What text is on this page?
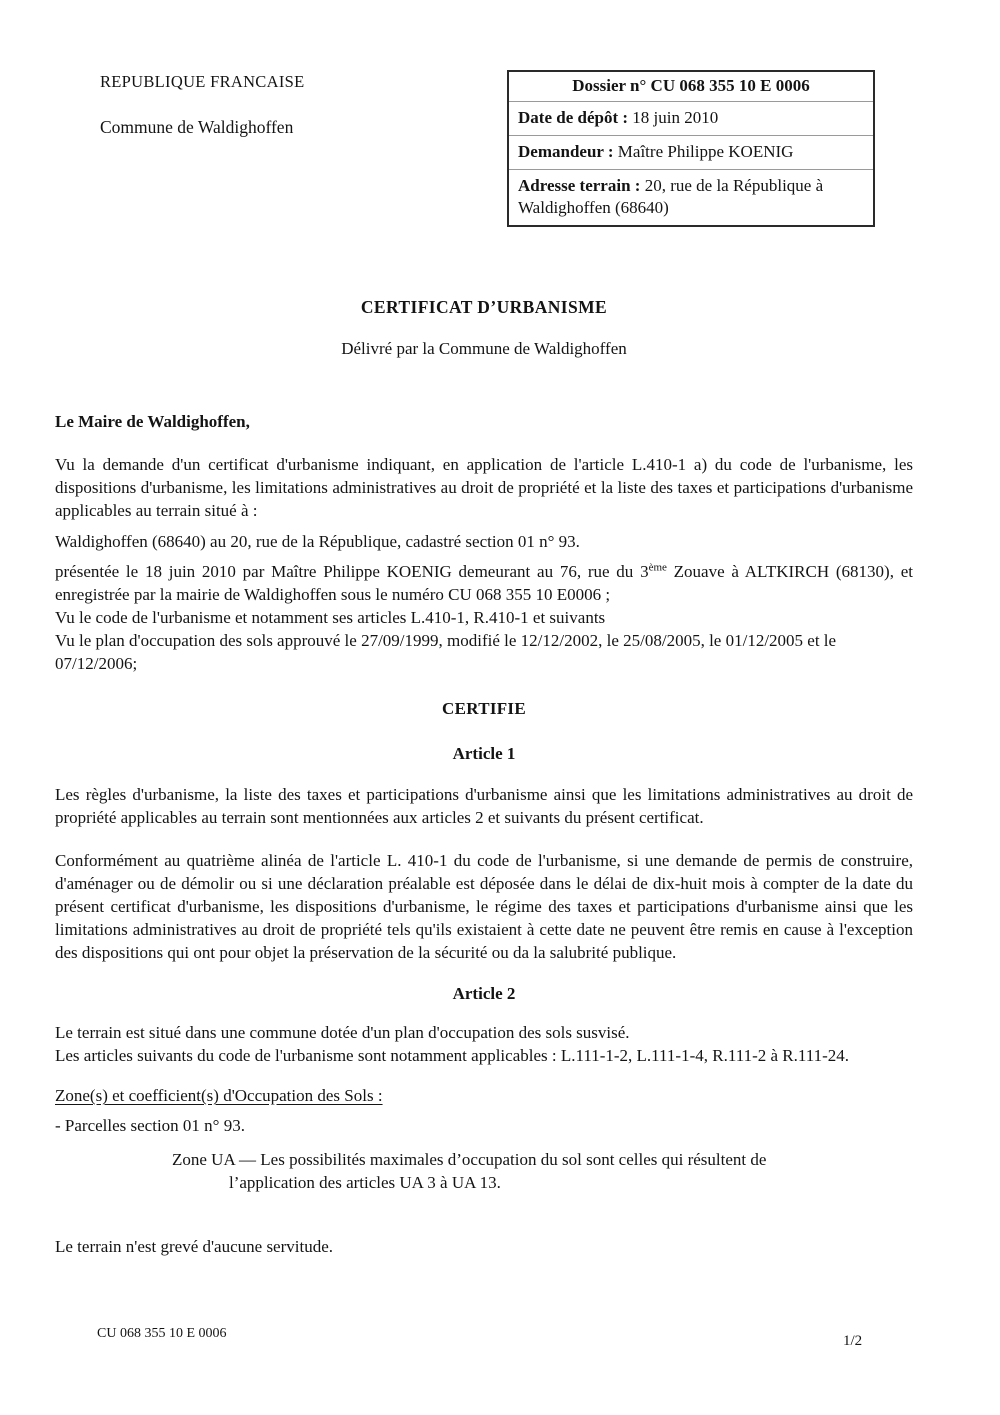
REPUBLIQUE FRANCAISE
Commune de Waldighoffen
Dossier n° CU 068 355 10 E 0006
Date de dépôt : 18 juin 2010
Demandeur : Maître Philippe KOENIG
Adresse terrain : 20, rue de la République à Waldighoffen (68640)
CERTIFICAT D’URBANISME
Délivré par la Commune de Waldighoffen
Le Maire de Waldighoffen,

Vu la demande d'un certificat d'urbanisme indiquant, en application de l'article L.410-1 a) du code de l'urbanisme, les dispositions d'urbanisme, les limitations administratives au droit de propriété et la liste des taxes et participations d'urbanisme applicables au terrain situé à :

Waldighoffen (68640) au 20, rue de la République, cadastré section 01 n° 93.

présentée le 18 juin 2010 par Maître Philippe KOENIG demeurant au 76, rue du 3ème Zouave à ALTKIRCH (68130), et enregistrée par la mairie de Waldighoffen sous le numéro CU 068 355 10 E0006 ;

Vu le code de l'urbanisme et notamment ses articles L.410-1, R.410-1 et suivants

Vu le plan d'occupation des sols approuvé le 27/09/1999, modifié le 12/12/2002, le 25/08/2005, le 01/12/2005 et le 07/12/2006;

CERTIFIE
Article 1

Les règles d'urbanisme, la liste des taxes et participations d'urbanisme ainsi que les limitations administratives au droit de propriété applicables au terrain sont mentionnées aux articles 2 et suivants du présent certificat.

Conformément au quatrième alinéa de l'article L. 410-1 du code de l'urbanisme, si une demande de permis de construire, d'aménager ou de démolir ou si une déclaration préalable est déposée dans le délai de dix-huit mois à compter de la date du présent certificat d'urbanisme, les dispositions d'urbanisme, le régime des taxes et participations d'urbanisme ainsi que les limitations administratives au droit de propriété tels qu'ils existaient à cette date ne peuvent être remis en cause à l'exception des dispositions qui ont pour objet la préservation de la sécurité ou da la salubrité publique.

Article 2

Le terrain est situé dans une commune dotée d'un plan d'occupation des sols susvisé.

Les articles suivants du code de l'urbanisme sont notamment applicables : L.111-1-2, L.111-1-4, R.111-2 à R.111-24.

Zone(s) et coefficient(s) d'Occupation des Sols :

- Parcelles section 01 n° 93.

Zone UA — Les possibilités maximales d’occupation du sol sont celles qui résultent de l’application des articles UA 3 à UA 13.

Le terrain n'est grevé d'aucune servitude.

CU 068 355 10 E 0006	1/2
